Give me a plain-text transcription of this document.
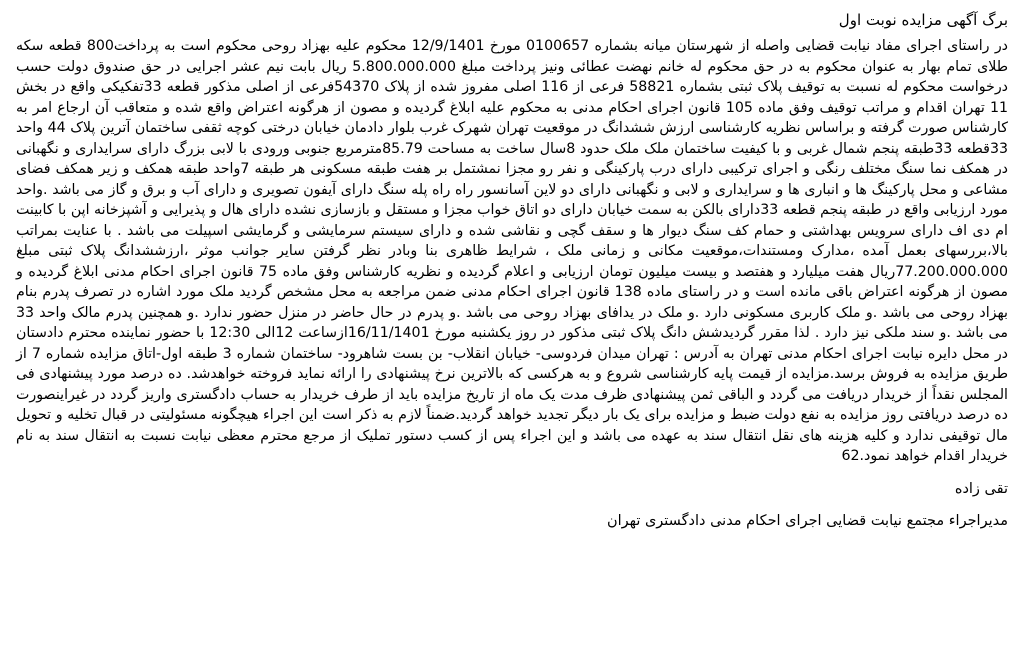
برگ آگهی مزایده نوبت اول

در راستای اجرای مفاد نیابت قضایی واصله از شهرستان میانه بشماره 0100657 مورخ 12/9/1401 محکوم علیه بهزاد روحی محکوم است به پرداخت800 قطعه سکه طلای تمام بهار به عنوان محکوم به در حق محکوم له خانم نهضت عطائی ونیز پرداخت مبلغ 5.800.000.000 ریال بابت نیم عشر اجرایی در حق صندوق دولت حسب درخواست محکوم له نسبت به توقیف پلاک ثبتی بشماره 58821 فرعی از 116 اصلی مفروز شده از پلاک 54370فرعی از اصلی مذکور قطعه 33تفکیکی واقع در بخش 11 تهران اقدام و مراتب توقیف وفق ماده 105 قانون اجرای احکام مدنی به محکوم علیه ابلاغ گردیده و مصون از هرگونه اعتراض واقع شده و متعاقب آن ارجاع امر به کارشناس صورت گرفته و براساس نظریه کارشناسی ارزش ششدانگ در موقعیت تهران شهرک غرب بلوار دادمان خیابان درختی کوچه ثقفی ساختمان آترین پلاک 44 واحد 33قطعه 33طبقه پنجم شمال غربی و با کیفیت ساختمان ملک ملک حدود 8سال ساخت به مساحت 85.79مترمربع جنوبی ورودی با لابی بزرگ دارای سرایداری و نگهبانی در همکف نما سنگ مختلف رنگی و اجرای ترکیبی دارای درب پارکینگی و نفر رو مجزا نمشتمل بر هفت طبقه مسکونی هر طبقه 7واحد طبقه همکف و زیر همکف فضای مشاعی و محل پارکینگ ها و انباری ها و سرایداری و لابی و نگهبانی دارای دو لاین آسانسور راه راه پله سنگ دارای آیفون تصویری و دارای آب و برق و گاز می باشد .واحد مورد ارزیابی واقع در طبقه پنجم قطعه 33دارای بالکن به سمت خیابان دارای دو اتاق خواب مجزا و مستقل و بازسازی نشده دارای هال و پذیرایی و آشپزخانه اپن با کابینت ام دی اف دارای سرویس بهداشتی و حمام کف سنگ دیوار ها و سقف گچی و نقاشی شده و دارای سیستم سرمایشی و گرمایشی اسپیلت می باشد . با عنایت بمراتب بالا،بررسهای بعمل آمده ،مدارک ومستندات،موقعیت مکانی و زمانی ملک ، شرایط ظاهری بنا وبادر نظر گرفتن سایر جوانب موثر ،ارزششدانگ پلاک ثبتی مبلغ 77.200.000.000ریال هفت میلیارد و هفتصد و بیست میلیون تومان ارزیابی و اعلام گردیده و نظریه کارشناس وفق ماده 75 قانون اجرای احکام مدنی ابلاغ گردیده و مصون از هرگونه اعتراض باقی مانده است و در راستای ماده 138 قانون اجرای احکام مدنی ضمن مراجعه به محل مشخص گردید ملک مورد اشاره در تصرف پدرم بنام بهزاد روحی می باشد .و ملک کاربری مسکونی دارد .و ملک در یدافای بهزاد روحی می باشد .و پدرم در حال حاضر در منزل حضور ندارد .و همچنین پدرم مالک واحد 33 می باشد .و سند ملکی نیز دارد . لذا مقرر گردیدشش دانگ پلاک ثبتی مذکور در روز یکشنبه مورخ 16/11/1401ازساعت 12الی 12:30 با حضور نماینده محترم دادستان در محل دایره نیابت اجرای احکام مدنی تهران به آدرس : تهران میدان فردوسی- خیابان انقلاب- بن بست شاهرود- ساختمان شماره 3 طبقه اول-اتاق مزایده شماره 7 از طریق مزایده به فروش برسد.مزایده از قیمت پایه کارشناسی شروع و به هرکسی که بالاترین نرخ پیشنهادی را ارائه نماید فروخته خواهدشد. ده درصد مورد پیشنهادی فی المجلس نقداً از خریدار دریافت می گردد و الباقی ثمن پیشنهادی ظرف مدت یک ماه از تاریخ مزایده باید از طرف خریدار به حساب دادگستری واریز گردد در غیراینصورت ده درصد دریافتی روز مزایده به نفع دولت ضبط و مزایده برای یک بار دیگر تجدید خواهد گردید.ضمناً لازم به ذکر است این اجراء هیچگونه مسئولیتی در قبال تخلیه و تحویل مال توقیفی ندارد و کلیه هزینه های نقل انتقال سند به عهده می باشد و این اجراء پس از کسب دستور تملیک از مرجع محترم معظی نیابت نسبت به انتقال سند به نام خریدار اقدام خواهد نمود.62

تقی زاده
مدیراجراء مجتمع نیابت قضایی اجرای احکام مدنی دادگستری تهران
